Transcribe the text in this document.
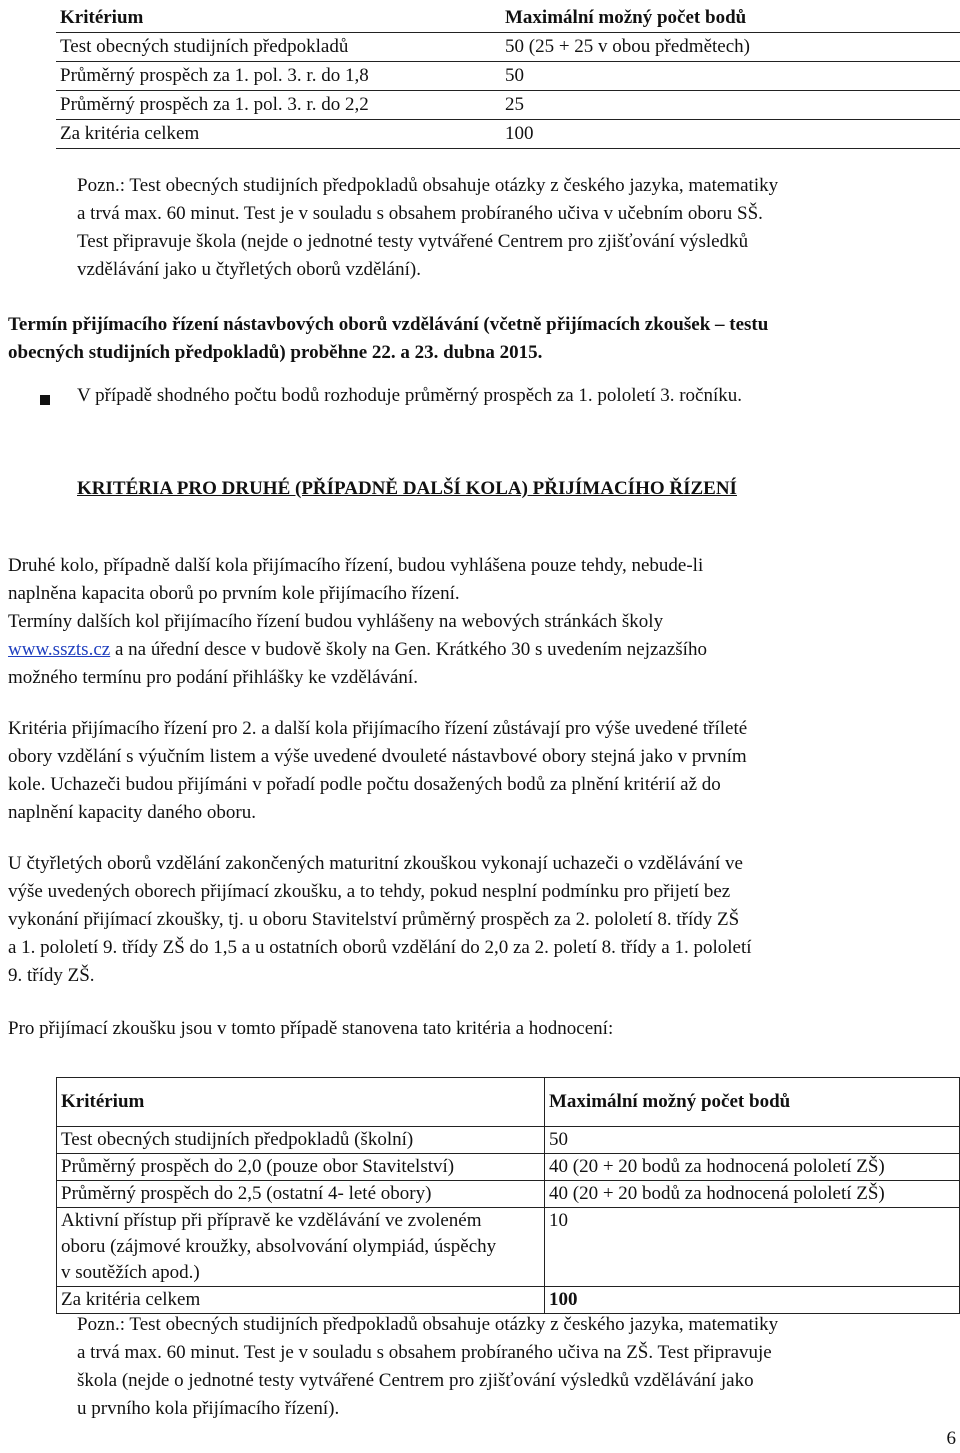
Kritérium	Maximální možný počet bodů
Test obecných studijních předpokladů	50 (25 + 25 v obou předmětech)
Průměrný prospěch za 1. pol. 3. r. do 1,8	50
Průměrný prospěch za 1. pol. 3. r. do 2,2	25
Za kritéria celkem	100
Pozn.: Test obecných studijních předpokladů obsahuje otázky z českého jazyka, matematiky
a trvá max. 60 minut. Test je v souladu s obsahem probíraného učiva v učebním oboru SŠ.
Test připravuje škola (nejde o jednotné testy vytvářené Centrem pro zjišťování výsledků
vzdělávání jako u čtyřletých oborů vzdělání).
Termín přijímacího řízení nástavbových oborů vzdělávání (včetně přijímacích zkoušek – testu
obecných studijních předpokladů) proběhne 22. a 23. dubna 2015.
V případě shodného počtu bodů rozhoduje průměrný prospěch za 1. pololetí 3. ročníku.
KRITÉRIA PRO DRUHÉ (PŘÍPADNĚ DALŠÍ KOLA) PŘIJÍMACÍHO ŘÍZENÍ
Druhé kolo, případně další kola přijímacího řízení, budou vyhlášena pouze tehdy, nebude-li
naplněna kapacita oborů po prvním kole přijímacího řízení.
Termíny dalších kol přijímacího řízení budou vyhlášeny na webových stránkách školy
www.sszts.cz a na úřední desce v budově školy na Gen. Krátkého 30 s uvedením nejzazšího
možného termínu pro podání přihlášky ke vzdělávání.
Kritéria přijímacího řízení pro 2. a další kola přijímacího řízení zůstávají pro výše uvedené tříleté
obory vzdělání s výučním listem a výše uvedené dvouleté nástavbové obory stejná jako v prvním
kole. Uchazeči budou přijímáni v pořadí podle počtu dosažených bodů za plnění kritérií až do
naplnění kapacity daného oboru.
U čtyřletých oborů vzdělání zakončených maturitní zkouškou vykonají uchazeči o vzdělávání ve
výše uvedených oborech přijímací zkoušku, a to tehdy, pokud nesplní podmínku pro přijetí bez
vykonání přijímací zkoušky, tj. u oboru Stavitelství průměrný prospěch za 2. pololetí 8. třídy ZŠ
a 1. pololetí 9. třídy ZŠ do 1,5 a u ostatních oborů vzdělání do 2,0 za 2. poletí 8. třídy a 1. pololetí
9. třídy ZŠ.
Pro přijímací zkoušku jsou v tomto případě stanovena tato kritéria a hodnocení:
Kritérium	Maximální možný počet bodů
Test obecných studijních předpokladů (školní)	50
Průměrný prospěch do 2,0 (pouze obor Stavitelství)	40 (20 + 20 bodů za hodnocená pololetí ZŠ)
Průměrný prospěch do 2,5 (ostatní 4- leté obory)	40 (20 + 20 bodů za hodnocená pololetí ZŠ)
Aktivní přístup při přípravě ke vzdělávání ve zvoleném oboru (zájmové kroužky, absolvování olympiád, úspěchy v soutěžích apod.)	10
Za kritéria celkem	100
Pozn.: Test obecných studijních předpokladů obsahuje otázky z českého jazyka, matematiky
a trvá max. 60 minut. Test je v souladu s obsahem probíraného učiva na ZŠ. Test připravuje
škola (nejde o jednotné testy vytvářené Centrem pro zjišťování výsledků vzdělávání jako
u prvního kola přijímacího řízení).
6
